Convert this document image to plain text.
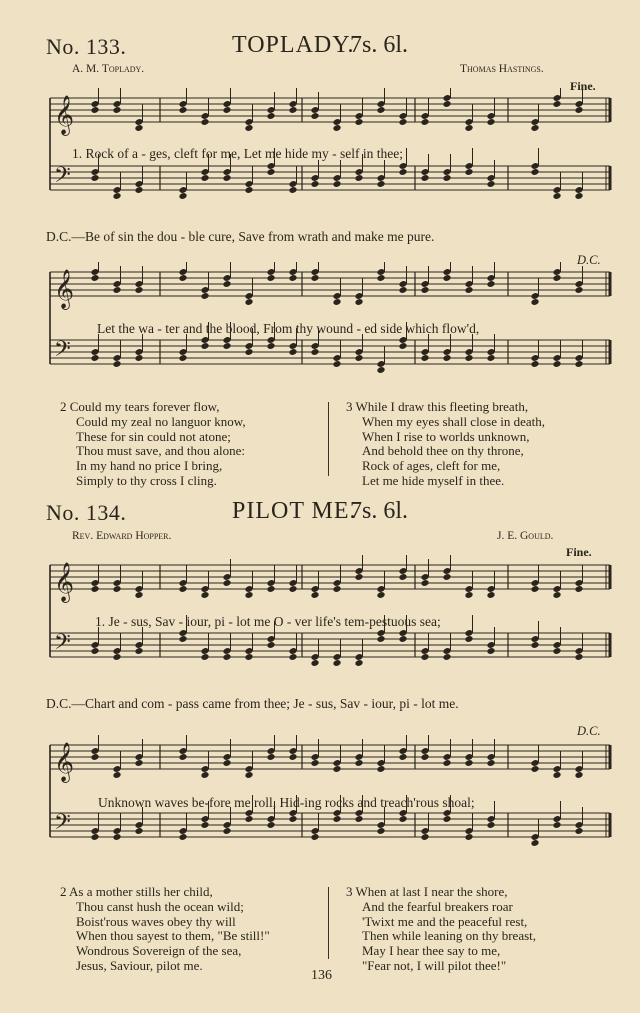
No. 133.	TOPLADY.
7s. 6l.
A. M. Toplady.	Thomas Hastings.
Fine.
D.C.
𝄞
𝄢
1. Rock of a - ges, cleft for me, Let me hide my - self in thee;
D.C.—Be of sin the dou - ble cure, Save from wrath and make me pure.
𝄞
𝄢
Let the wa - ter and the blood, From thy wound - ed side which flow'd,
2 Could my tears forever flow,
Could my zeal no languor know,
These for sin could not atone;
Thou must save, and thou alone:
In my hand no price I bring,
Simply to thy cross I cling.
3 While I draw this fleeting breath,
When my eyes shall close in death,
When I rise to worlds unknown,
And behold thee on thy throne,
Rock of ages, cleft for me,
Let me hide myself in thee.
No. 134.	PILOT ME.
7s. 6l.
Rev. Edward Hopper.	J. E. Gould.
Fine.
D.C.
𝄞
𝄢
1. Je - sus, Sav - iour, pi - lot me O - ver life's tem-pestuous sea;
D.C.—Chart and com - pass came from thee; Je - sus, Sav - iour, pi - lot me.
𝄞
𝄢
Unknown waves be-fore me roll, Hid-ing rocks and treach'rous shoal;
2 As a mother stills her child,
Thou canst hush the ocean wild;
Boist'rous waves obey thy will
When thou sayest to them, "Be still!"
Wondrous Sovereign of the sea,
Jesus, Saviour, pilot me.
3 When at last I near the shore,
And the fearful breakers roar
'Twixt me and the peaceful rest,
Then while leaning on thy breast,
May I hear thee say to me,
"Fear not, I will pilot thee!"
136
